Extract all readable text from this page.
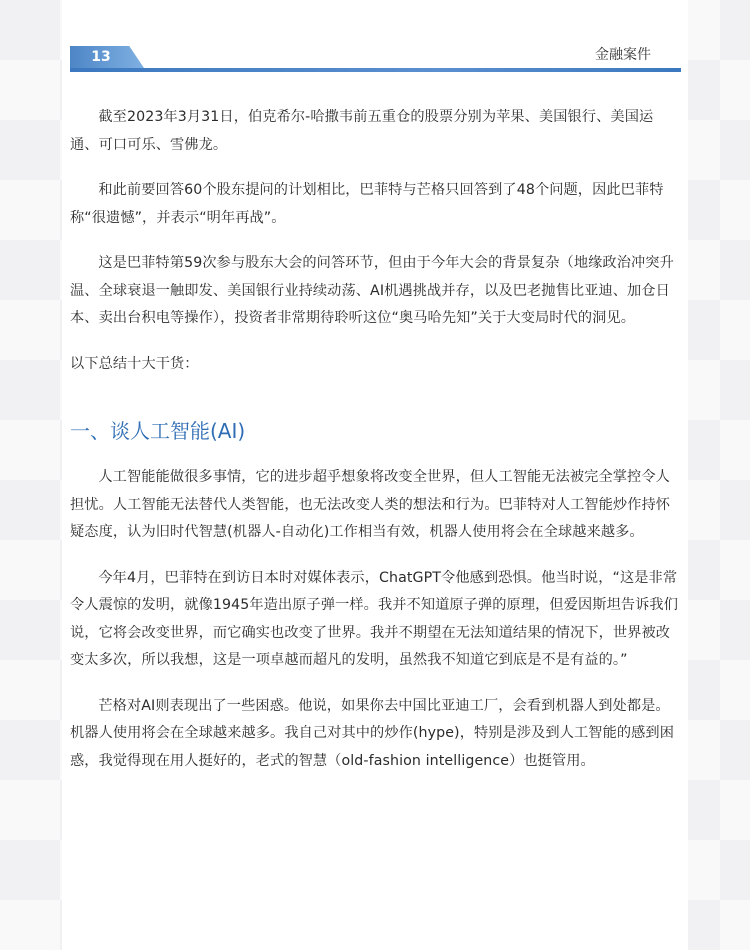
13	金融案件

截至2023年3月31日，伯克希尔-哈撒韦前五重仓的股票分别为苹果、美国银行、美国运通、可口可乐、雪佛龙。

和此前要回答60个股东提问的计划相比，巴菲特与芒格只回答到了48个问题，因此巴菲特称“很遗憾”，并表示“明年再战”。

这是巴菲特第59次参与股东大会的问答环节，但由于今年大会的背景复杂（地缘政治冲突升温、全球衰退一触即发、美国银行业持续动荡、AI机遇挑战并存，以及巴老抛售比亚迪、加仓日本、卖出台积电等操作），投资者非常期待聆听这位“奥马哈先知”关于大变局时代的洞见。

以下总结十大干货：

一、谈人工智能(AI)

人工智能能做很多事情，它的进步超乎想象将改变全世界，但人工智能无法被完全掌控令人担忧。人工智能无法替代人类智能，也无法改变人类的想法和行为。巴菲特对人工智能炒作持怀疑态度，认为旧时代智慧(机器人-自动化)工作相当有效，机器人使用将会在全球越来越多。

今年4月，巴菲特在到访日本时对媒体表示，ChatGPT令他感到恐惧。他当时说，“这是非常令人震惊的发明，就像1945年造出原子弹一样。我并不知道原子弹的原理，但爱因斯坦告诉我们说，它将会改变世界，而它确实也改变了世界。我并不期望在无法知道结果的情况下，世界被改变太多次，所以我想，这是一项卓越而超凡的发明，虽然我不知道它到底是不是有益的。”

芒格对AI则表现出了一些困惑。他说，如果你去中国比亚迪工厂，会看到机器人到处都是。机器人使用将会在全球越来越多。我自己对其中的炒作(hype)，特别是涉及到人工智能的感到困惑，我觉得现在用人挺好的，老式的智慧（old-fashion intelligence）也挺管用。
